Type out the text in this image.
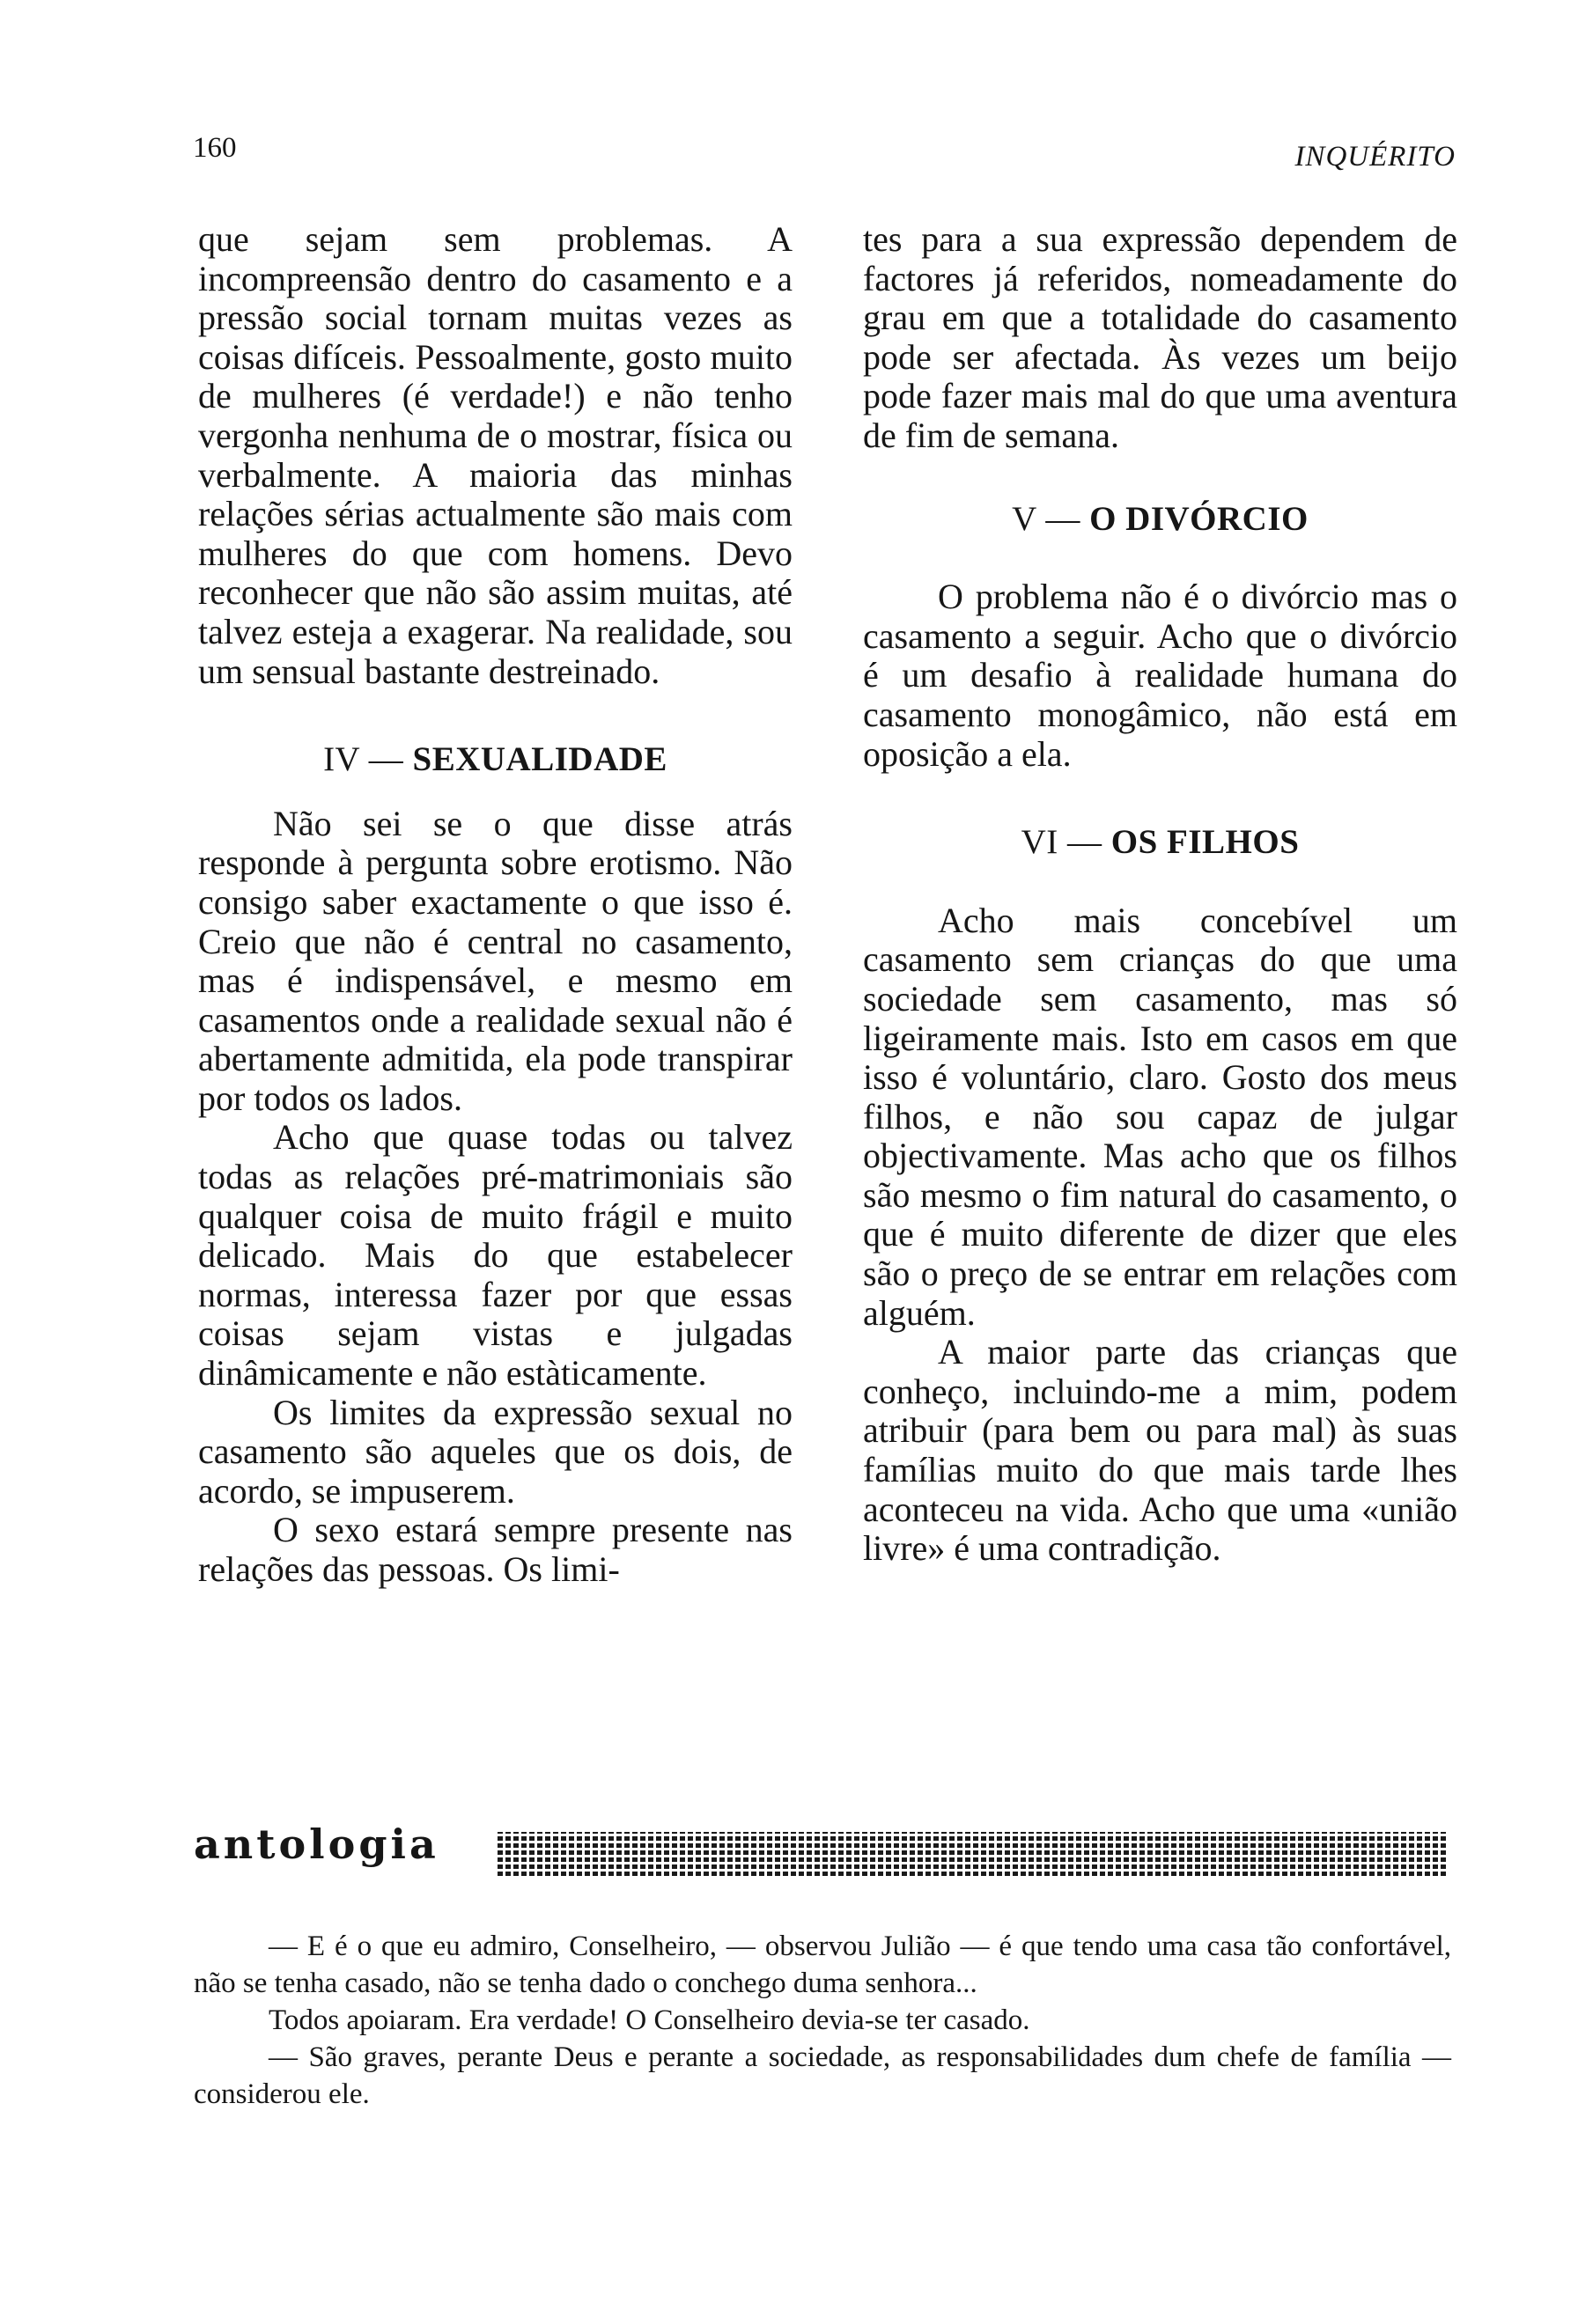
160	INQUÉRITO

que sejam sem problemas. A incompreensão dentro do casamento e a pressão social tornam muitas vezes as coisas difíceis. Pessoalmente, gosto muito de mulheres (é verdade!) e não tenho vergonha nenhuma de o mostrar, física ou verbalmente. A maioria das minhas relações sérias actualmente são mais com mulheres do que com homens. Devo reconhecer que não são assim muitas, até talvez esteja a exagerar. Na realidade, sou um sensual bastante destreinado.

IV — SEXUALIDADE

Não sei se o que disse atrás responde à pergunta sobre erotismo. Não consigo saber exactamente o que isso é. Creio que não é central no casamento, mas é indispensável, e mesmo em casamentos onde a realidade sexual não é abertamente admitida, ela pode transpirar por todos os lados.

Acho que quase todas ou talvez todas as relações pré-matrimoniais são qualquer coisa de muito frágil e muito delicado. Mais do que estabelecer normas, interessa fazer por que essas coisas sejam vistas e julgadas dinâmicamente e não estàticamente.

Os limites da expressão sexual no casamento são aqueles que os dois, de acordo, se impuserem.

O sexo estará sempre presente nas relações das pessoas. Os limi-

tes para a sua expressão dependem de factores já referidos, nomeadamente do grau em que a totalidade do casamento pode ser afectada. Às vezes um beijo pode fazer mais mal do que uma aventura de fim de semana.

V — O DIVÓRCIO

O problema não é o divórcio mas o casamento a seguir. Acho que o divórcio é um desafio à realidade humana do casamento monogâmico, não está em oposição a ela.

VI — OS FILHOS

Acho mais concebível um casamento sem crianças do que uma sociedade sem casamento, mas só ligeiramente mais. Isto em casos em que isso é voluntário, claro. Gosto dos meus filhos, e não sou capaz de julgar objectivamente. Mas acho que os filhos são mesmo o fim natural do casamento, o que é muito diferente de dizer que eles são o preço de se entrar em relações com alguém.

A maior parte das crianças que conheço, incluindo-me a mim, podem atribuir (para bem ou para mal) às suas famílias muito do que mais tarde lhes aconteceu na vida. Acho que uma «união livre» é uma contradição.

antologia

— E é o que eu admiro, Conselheiro, — observou Julião — é que tendo uma casa tão confortável, não se tenha casado, não se tenha dado o conchego duma senhora...

Todos apoiaram. Era verdade! O Conselheiro devia-se ter casado.

— São graves, perante Deus e perante a sociedade, as responsabilidades dum chefe de família — considerou ele.
